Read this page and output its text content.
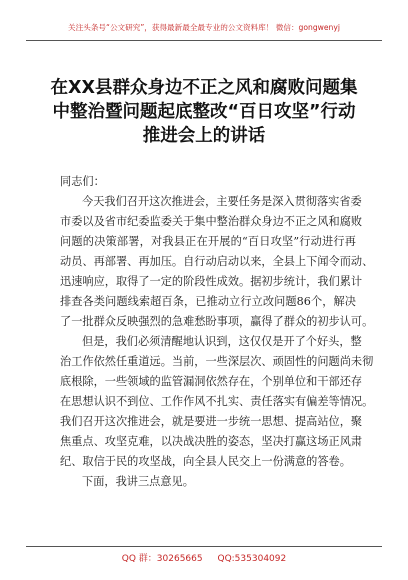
关注头条号“公文研究”，获得最新最全最专业的公文资料库！ 微信：gongwenyj
在XX县群众身边不正之风和腐败问题集
中整治暨问题起底整改“百日攻坚”行动
推进会上的讲话
同志们：
今天我们召开这次推进会，主要任务是深入贯彻落实省委
市委以及省市纪委监委关于集中整治群众身边不正之风和腐败
问题的决策部署，对我县正在开展的“百日攻坚”行动进行再
动员、再部署、再加压。自行动启动以来，全县上下闻令而动、
迅速响应，取得了一定的阶段性成效。据初步统计，我们累计
排查各类问题线索超百条，已推动立行立改问题86个，解决
了一批群众反映强烈的急难愁盼事项，赢得了群众的初步认可。
但是，我们必须清醒地认识到，这仅仅是开了个好头，整
治工作依然任重道远。当前，一些深层次、顽固性的问题尚未彻
底根除，一些领域的监管漏洞依然存在，个别单位和干部还存
在思想认识不到位、工作作风不扎实、责任落实有偏差等情况。
我们召开这次推进会，就是要进一步统一思想、提高站位，聚
焦重点、攻坚克难，以决战决胜的姿态，坚决打赢这场正风肃
纪、取信于民的攻坚战，向全县人民交上一份满意的答卷。
下面，我讲三点意见。
QQ 群：30265665 QQ:535304092
